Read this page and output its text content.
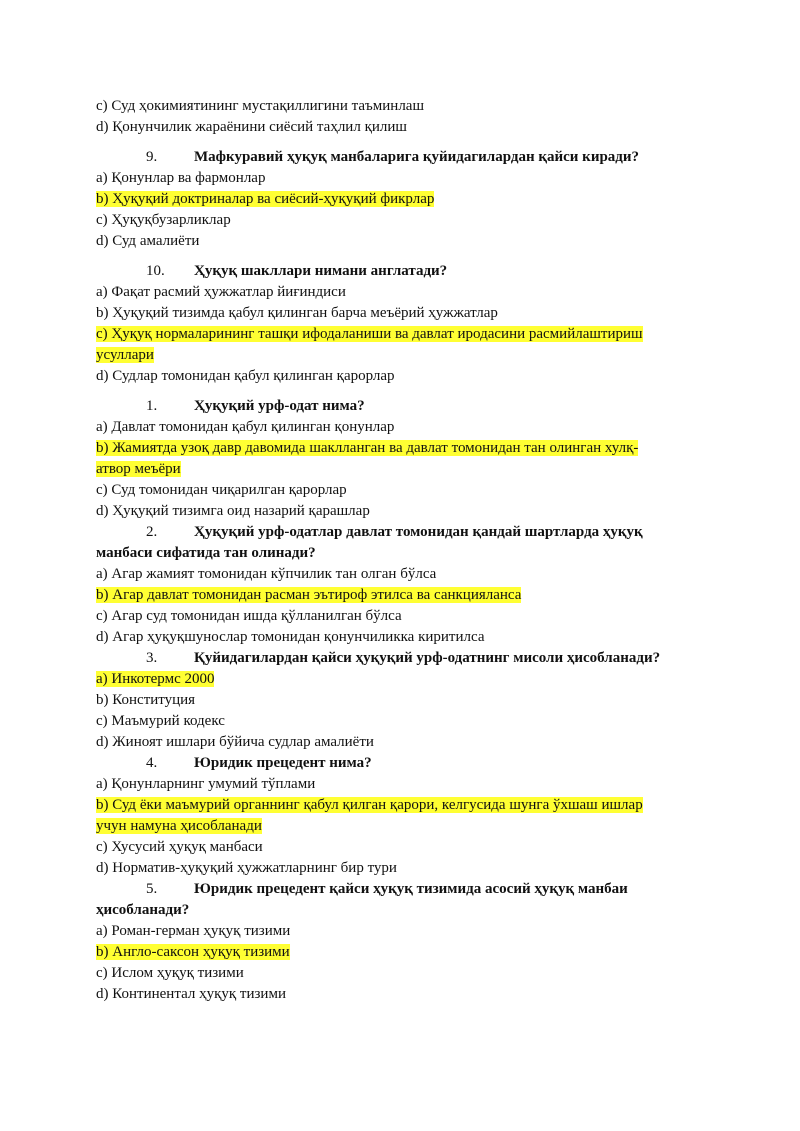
c) Суд ҳокимиятининг мустақиллигини таъминлаш
d) Қонунчилик жараёнини сиёсий таҳлил қилиш
9.	Мафкуравий ҳуқуқ манбаларига қуйидагилардан қайси киради?
a) Қонунлар ва фармонлар
b) Ҳуқуқий доктриналар ва сиёсий-ҳуқуқий фикрлар
c) Ҳуқуқбузарликлар
d) Суд амалиёти
10.	Ҳуқуқ шакллари нимани англатади?
a) Фақат расмий ҳужжатлар йиғиндиси
b) Ҳуқуқий тизимда қабул қилинган барча меъёрий ҳужжатлар
c) Ҳуқуқ нормаларининг ташқи ифодаланиши ва давлат иродасини расмийлаштириш
усуллари
d) Судлар томонидан қабул қилинган қарорлар
1.	Ҳуқуқий урф-одат нима?
a) Давлат томонидан қабул қилинган қонунлар
b) Жамиятда узоқ давр давомида шаклланган ва давлат томонидан тан олинган хулқ-
атвор меъёри
c) Суд томонидан чиқарилган қарорлар
d) Ҳуқуқий тизимга оид назарий қарашлар
2.	Ҳуқуқий урф-одатлар давлат томонидан қандай шартларда ҳуқуқ
манбаси сифатида тан олинади?
a) Агар жамият томонидан кўпчилик тан олган бўлса
b) Агар давлат томонидан расман эътироф этилса ва санкцияланса
c) Агар суд томонидан ишда қўлланилган бўлса
d) Агар ҳуқуқшунослар томонидан қонунчиликка киритилса
3.	Қуйидагилардан қайси ҳуқуқий урф-одатнинг мисоли ҳисобланади?
a) Инкотермс 2000
b) Конституция
c) Маъмурий кодекс
d) Жиноят ишлари бўйича судлар амалиёти
4.	Юридик прецедент нима?
a) Қонунларнинг умумий тўплами
b) Суд ёки маъмурий органнинг қабул қилган қарори, келгусида шунга ўхшаш ишлар
учун намуна ҳисобланади
c) Хусусий ҳуқуқ манбаси
d) Норматив-ҳуқуқий ҳужжатларнинг бир тури
5.	Юридик прецедент қайси ҳуқуқ тизимида асосий ҳуқуқ манбаи
ҳисобланади?
a) Роман-герман ҳуқуқ тизими
b) Англо-саксон ҳуқуқ тизими
c) Ислом ҳуқуқ тизими
d) Континентал ҳуқуқ тизими
